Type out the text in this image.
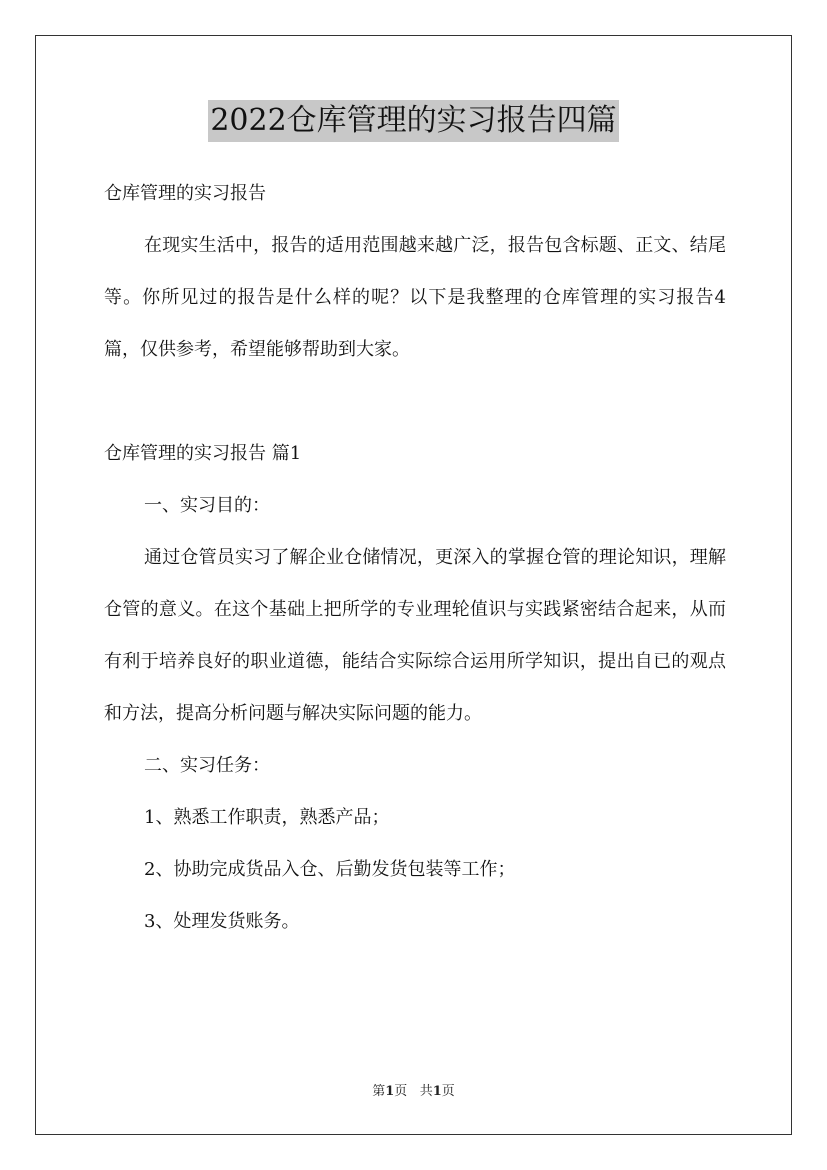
2022仓库管理的实习报告四篇

仓库管理的实习报告

在现实生活中，报告的适用范围越来越广泛，报告包含标题、正文、结尾等。你所见过的报告是什么样的呢？以下是我整理的仓库管理的实习报告4篇，仅供参考，希望能够帮助到大家。

仓库管理的实习报告 篇1

一、实习目的：

通过仓管员实习了解企业仓储情况，更深入的掌握仓管的理论知识，理解仓管的意义。在这个基础上把所学的专业理轮值识与实践紧密结合起来，从而有利于培养良好的职业道德，能结合实际综合运用所学知识，提出自已的观点和方法，提高分析问题与解决实际问题的能力。

二、实习任务：

1、熟悉工作职责，熟悉产品；

2、协助完成货品入仓、后勤发货包装等工作；

3、处理发货账务。

第1页 共1页
